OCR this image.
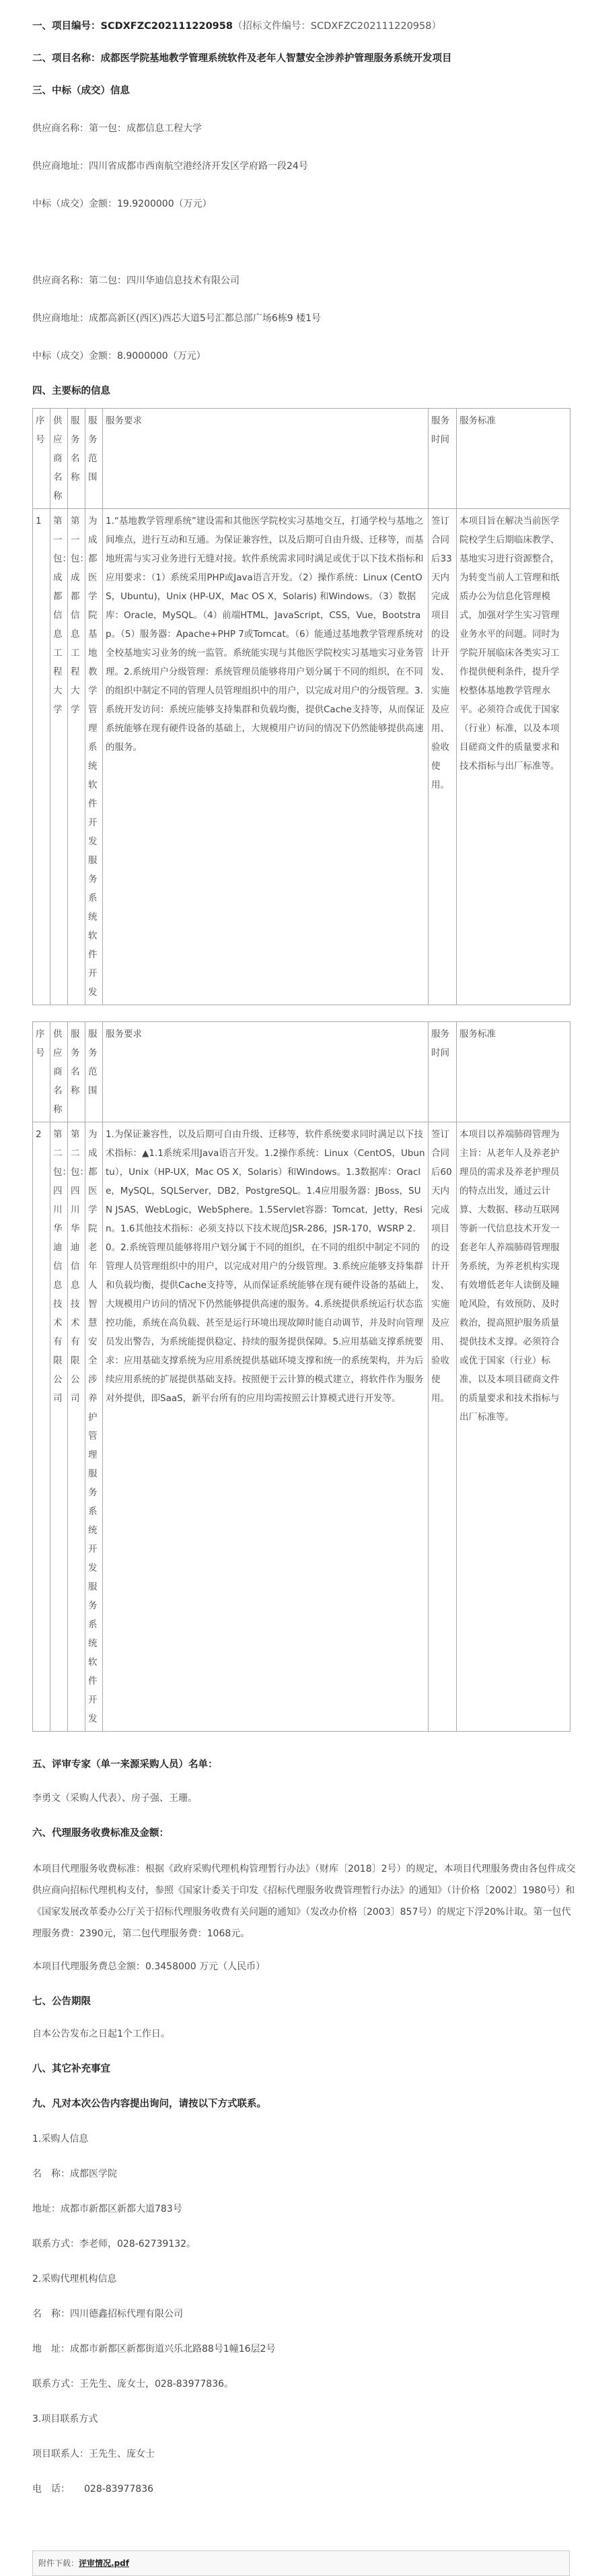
一、项目编号：SCDXFZC202111220958（招标文件编号：SCDXFZC202111220958）

二、项目名称：成都医学院基地教学管理系统软件及老年人智慧安全涉养护管理服务系统开发项目

三、中标（成交）信息

供应商名称：第一包：成都信息工程大学

供应商地址：四川省成都市西南航空港经济开发区学府路一段24号

中标（成交）金额：19.9200000（万元）

供应商名称：第二包：四川华迪信息技术有限公司

供应商地址：成都高新区(西区)西芯大道5号汇都总部广场6栋9 楼1号

中标（成交）金额：8.9000000（万元）

四、主要标的信息

序号	供应商名称	服务名称	服务范围	服务要求	服务时间	服务标准
1	第一包：成都信息工程大学	第一包：成都信息工程大学	为成都医学院基地教学管理系统软件开发服务系统软件开发	1.“基地教学管理系统”建设需和其他医学院校实习基地交互，打通学校与基地之间堆点，进行互动和互通。为保证兼容性，以及后期可自由升级、迁移等，而基地班需与实习业务进行无缝对接。软件系统需求同时满足或优于以下技术指标和应用要求：（1）系统采用PHP或Java语言开发。（2）操作系统：Linux (CentOS，Ubuntu)，Unix (HP-UX，Mac OS X，Solaris) 和Windows。（3）数据库：Oracle，MySQL。（4）前端HTML，JavaScript，CSS，Vue，Bootstrap。（5）服务器：Apache+PHP 7或Tomcat。（6）能通过基地教学管理系统对全校基地实习业务的统一监管。系统能实现与其他医学院校实习基地实习业务管理。2.系统用户分级管理：系统管理员能够将用户划分属于不同的组织，在不同的组织中制定不同的管理人员管理组织中的用户，以完成对用户的分级管理。3.系统开发访问：系统应能够支持集群和负载均衡，提供Cache支持等，从而保证系统能够在现有硬件设备的基础上，大规模用户访问的情况下仍然能够提供高速的服务。	签订合同后33天内完成项目的设计开发、实施及应用、验收使用。	本项目旨在解决当前医学院校学生后期临床教学、基地实习进行资源整合，为转变当前人工管理和纸质办公为信息化管理模式，加强对学生实习管理业务水平的问题。同时为学院开展临床各类实习工作提供便利条件，提升学校整体基地教学管理水平。必须符合或优于国家（行业）标准，以及本项目磋商文件的质量要求和技术指标与出厂标准等。
序号	供应商名称	服务名称	服务范围	服务要求	服务时间	服务标准
2	第二包：四川华迪信息技术有限公司	第二包：四川华迪信息技术有限公司	为成都医学院老年人智慧安全涉养护管理服务系统开发服务系统软件开发	1.为保证兼容性，以及后期可自由升级、迁移等，软件系统要求同时满足以下技术指标：▲1.1系统采用Java语言开发。1.2操作系统：Linux（CentOS，Ubuntu），Unix（HP-UX，Mac OS X，Solaris）和Windows。1.3数据库：Oracle，MySQL，SQLServer，DB2，PostgreSQL。1.4应用服务器：JBoss，SUN JSAS，WebLogic，WebSphere。1.5Servlet容器：Tomcat，Jetty，Resin。1.6其他技术指标：必须支持以下技术规范JSR-286，JSR-170，WSRP 2.0。2.系统管理员能够将用户划分属于不同的组织，在不同的组织中制定不同的管理人员管理组织中的用户，以完成对用户的分级管理。3.系统应能够支持集群和负载均衡，提供Cache支持等，从而保证系统能够在现有硬件设备的基础上，大规模用户访问的情况下仍然能够提供高速的服务。4.系统提供系统运行状态监控功能，系统在高负载、甚至是运行环境出现故障时能自动调节，并及时向管理员发出警告，为系统能提供稳定、持续的服务提供保障。5.应用基础支撑系统要求：应用基础支撑系统为应用系统提供基础环境支撑和统一的系统架构，并为后续应用系统的扩展提供基础支持。按照便于云计算的模式建立，将软件作为服务对外提供，即SaaS，新平台所有的应用均需按照云计算模式进行开发等。	签订合同后60天内完成项目的设计开发、实施及应用、验收使用。	本项目以养端肺碍管理为主旨：从老年人及养老护理员的需求及养老护理员的特点出发，通过云计算、大数据、移动互联网等新一代信息技术开发一套老年人养端肺碍管理服务系统，为养老机构实现有效增低老年人读倒及瞳呛风险，有效预防、及时救治，提高照护服务质量提供技术支撑。必须符合或优于国家（行业）标准，以及本项目磋商文件的质量要求和技术指标与出厂标准等。

五、评审专家（单一来源采购人员）名单：

李勇文（采购人代表）、房子强、王珊。

六、代理服务收费标准及金额：

本项目代理服务收费标准：根据《政府采购代理机构管理暂行办法》（财库〔2018〕2号）的规定，本项目代理服务费由各包件成交供应商向招标代理机构支付，参照《国家计委关于印发《招标代理服务收费管理暂行办法》的通知》（计价格〔2002〕1980号）和《国家发展改革委办公厅关于招标代理服务收费有关问题的通知》（发改办价格〔2003〕857号）的规定下浮20%计取。第一包代理服务费：2390元，第二包代理服务费：1068元。

本项目代理服务费总金额：0.3458000 万元（人民币）

七、公告期限

自本公告发布之日起1个工作日。

八、其它补充事宜

九、凡对本次公告内容提出询问，请按以下方式联系。

1.采购人信息

名　称：成都医学院

地址：成都市新都区新都大道783号

联系方式：李老师，028-62739132。

2.采购代理机构信息

名　称：四川德鑫招标代理有限公司

地　址：成都市新都区新都街道兴乐北路88号1幢16层2号

联系方式：王先生、庞女士，028-83977836。

3.项目联系方式

项目联系人：王先生、庞女士

电　话：　　028-83977836

附件下载：评审情况.pdf
